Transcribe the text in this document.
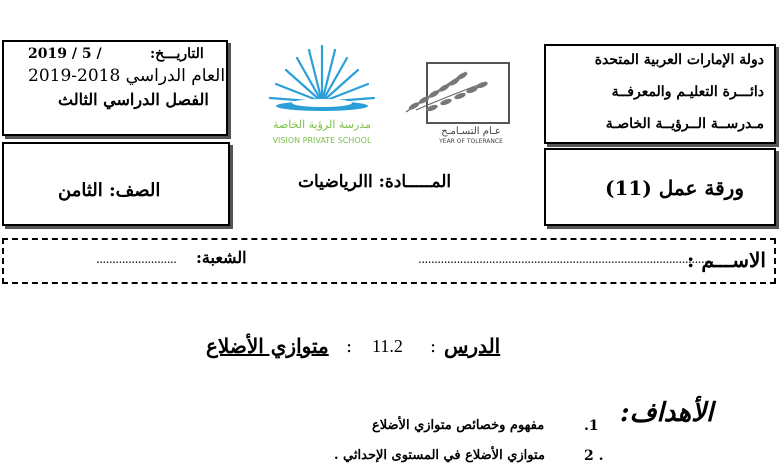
التاريـــخ:
2019 / 5 /
العام الدراسي 2018-2019
الفصل الدراسي الثالث
دولة الإمارات العربية المتحدة
دائـــرة التعليـم والمعرفــة
مـدرســة الــرؤيــة الخاصـة
مدرسة الرؤية الخاصة
VISION PRIVATE SCHOOL
عـام التسـامـح
YEAR OF TOLERANCE
الصف: الثامن	المـــــادة: االرياضيات	ورقة عمل (11)
الاســـم :
............................................................................................
الشعبة:
.........................
الدرس
:
11.2
:
متوازي الأضلاع
الأهداف:
.1
مفهوم وخصائص متوازي الأضلاع
2 .
متوازي الأضلاع في المستوى الإحداثي .
